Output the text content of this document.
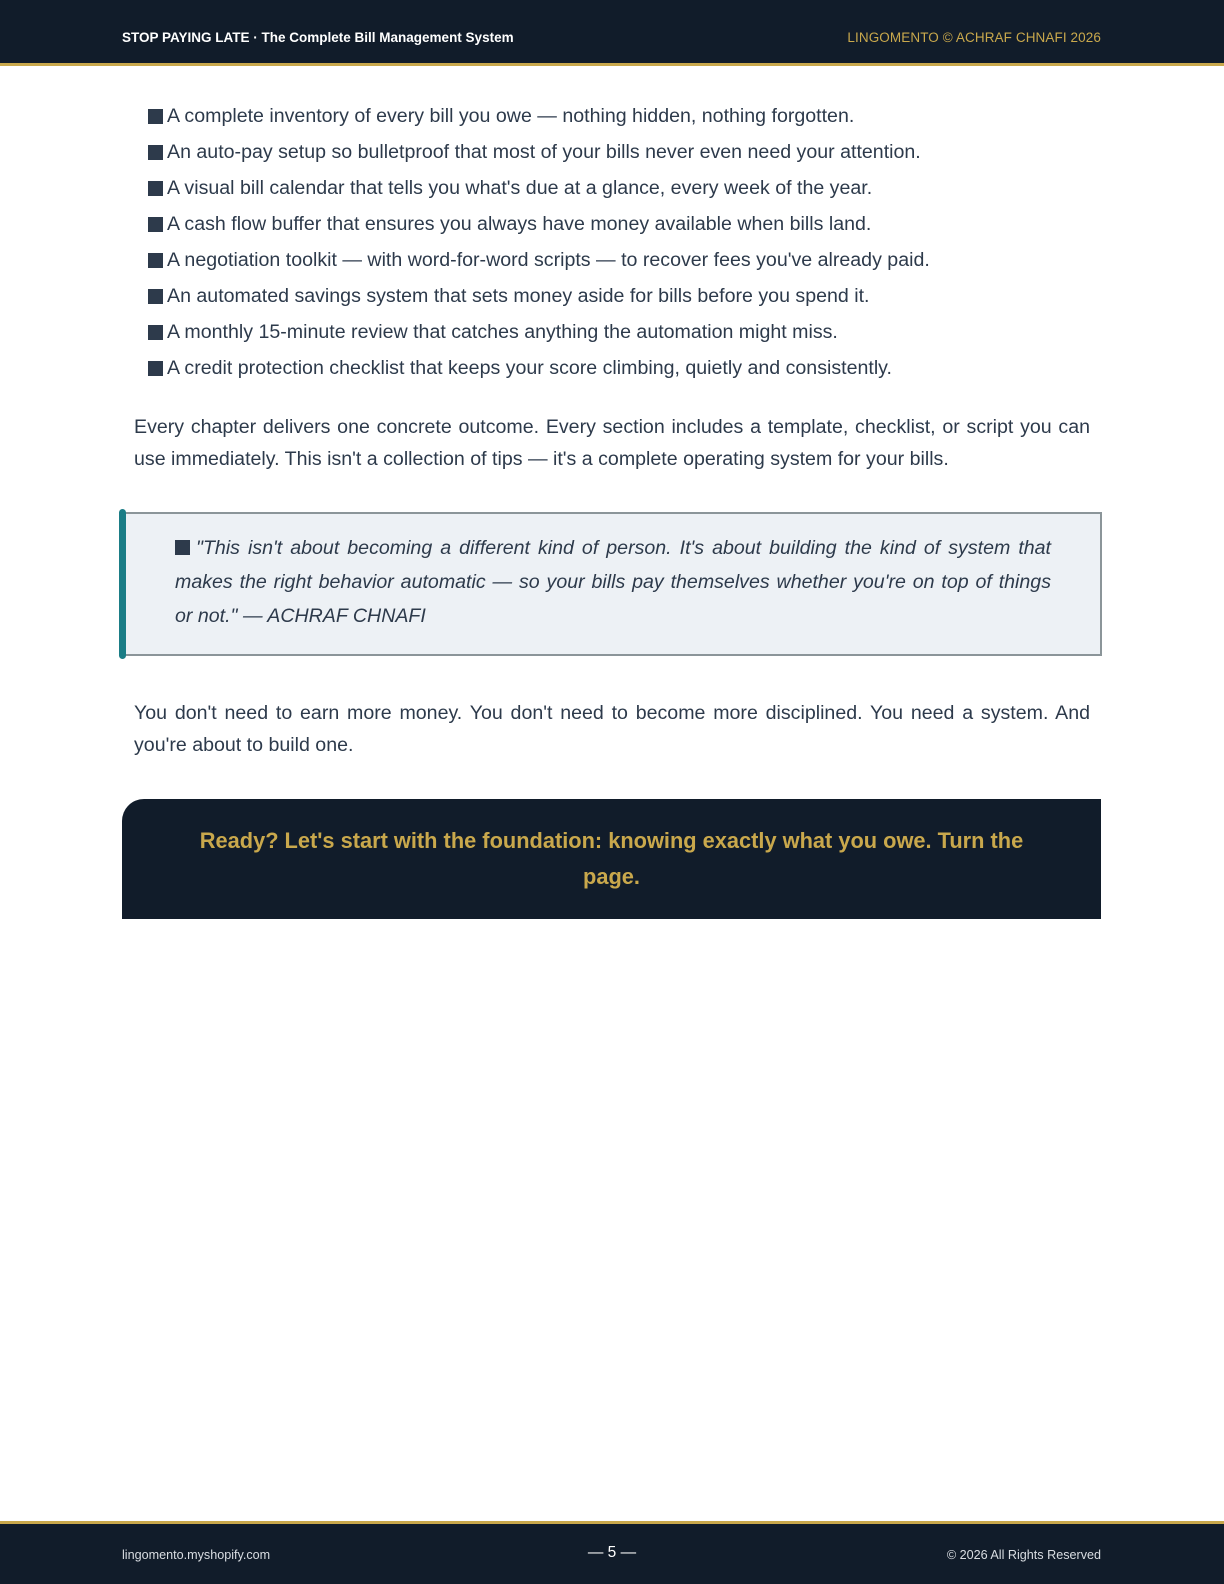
STOP PAYING LATE · The Complete Bill Management System	LINGOMENTO © ACHRAF CHNAFI 2026
A complete inventory of every bill you owe — nothing hidden, nothing forgotten.
An auto-pay setup so bulletproof that most of your bills never even need your attention.
A visual bill calendar that tells you what's due at a glance, every week of the year.
A cash flow buffer that ensures you always have money available when bills land.
A negotiation toolkit — with word-for-word scripts — to recover fees you've already paid.
An automated savings system that sets money aside for bills before you spend it.
A monthly 15-minute review that catches anything the automation might miss.
A credit protection checklist that keeps your score climbing, quietly and consistently.

Every chapter delivers one concrete outcome. Every section includes a template, checklist, or script you can use immediately. This isn't a collection of tips — it's a complete operating system for your bills.

"This isn't about becoming a different kind of person. It's about building the kind of system that makes the right behavior automatic — so your bills pay themselves whether you're on top of things or not." — ACHRAF CHNAFI

You don't need to earn more money. You don't need to become more disciplined. You need a system. And you're about to build one.

Ready? Let's start with the foundation: knowing exactly what you owe. Turn the page.
lingomento.myshopify.com	— 5 —	© 2026 All Rights Reserved
